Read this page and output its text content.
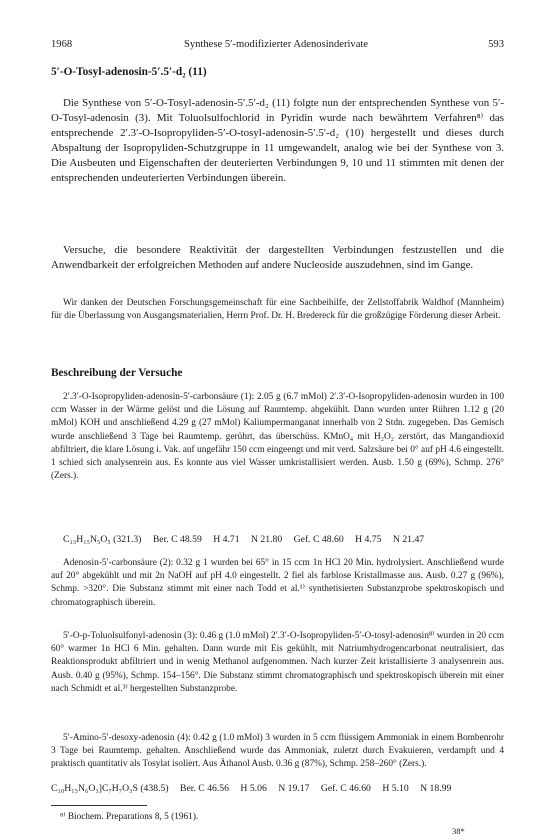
1968	Synthese 5′-modifizierter Adenosinderivate	593
5′-O-Tosyl-adenosin-5′.5′-d₂ (11)
Die Synthese von 5′-O-Tosyl-adenosin-5′.5′-d₂ (11) folgte nun der entsprechenden Synthese von 5′-O-Tosyl-adenosin (3). Mit Toluolsulfochlorid in Pyridin wurde nach bewährtem Verfahren⁸⁾ das entsprechende 2′.3′-O-Isopropyliden-5′-O-tosyl-adenosin-5′.5′-d₂ (10) hergestellt und dieses durch Abspaltung der Isopropyliden-Schutzgruppe in 11 umgewandelt, analog wie bei der Synthese von 3. Die Ausbeuten und Eigenschaften der deuterierten Verbindungen 9, 10 und 11 stimmten mit denen der entsprechenden undeuterierten Verbindungen überein.
Versuche, die besondere Reaktivität der dargestellten Verbindungen festzustellen und die Anwendbarkeit der erfolgreichen Methoden auf andere Nucleoside auszudehnen, sind im Gange.
Wir danken der Deutschen Forschungsgemeinschaft für eine Sachbeihilfe, der Zellstoffabrik Waldhof (Mannheim) für die Überlassung von Ausgangsmaterialien, Herrn Prof. Dr. H. Bredereck für die großzügige Förderung dieser Arbeit.
Beschreibung der Versuche
2′.3′-O-Isopropyliden-adenosin-5′-carbonsäure (1): 2.05 g (6.7 mMol) 2′.3′-O-Isopropyliden-adenosin wurden in 100 ccm Wasser in der Wärme gelöst und die Lösung auf Raumtemp. abgekühlt. Dann wurden unter Rühren 1.12 g (20 mMol) KOH und anschließend 4.29 g (27 mMol) Kaliumpermanganat innerhalb von 2 Stdn. zugegeben. Das Gemisch wurde anschließend 3 Tage bei Raumtemp. gerührt, das überschüss. KMnO₄ mit H₂O₂ zerstört, das Mangandioxid abfiltriert, die klare Lösung i. Vak. auf ungefähr 150 ccm eingeengt und mit verd. Salzsäure bei 0° auf pH 4.6 eingestellt. 1 schied sich analysenrein aus. Es konnte aus viel Wasser umkristallisiert werden. Ausb. 1.50 g (69%), Schmp. 276° (Zers.).
C₁₃H₁₅N₅O₅ (321.3) Ber. C 48.59 H 4.71 N 21.80 Gef. C 48.60 H 4.75 N 21.47
Adenosin-5′-carbonsäure (2): 0.32 g 1 wurden bei 65° in 15 ccm 1n HCl 20 Min. hydrolysiert. Anschließend wurde auf 20° abgekühlt und mit 2n NaOH auf pH 4.0 eingestellt. 2 fiel als farblose Kristallmasse aus. Ausb. 0.27 g (96%), Schmp. >320°. Die Substanz stimmt mit einer nach Todd et al.¹⁾ synthetisierten Substanzprobe spektroskopisch und chromatographisch überein.
5′-O-p-Toluolsulfonyl-adenosin (3): 0.46 g (1.0 mMol) 2′.3′-O-Isopropyliden-5′-O-tosyl-adenosin⁸⁾ wurden in 20 ccm 60° warmer 1n HCl 6 Min. gehalten. Dann wurde mit Eis gekühlt, mit Natriumhydrogencarbonat neutralisiert, das Reaktionsprodukt abfiltriert und in wenig Methanol aufgenommen. Nach kurzer Zeit kristallisierte 3 analysenrein aus. Ausb. 0.40 g (95%), Schmp. 154–156°. Die Substanz stimmt chromatographisch und spektroskopisch überein mit einer nach Schmidt et al.³⁾ hergestellten Substanzprobe.
5′-Amino-5′-desoxy-adenosin (4): 0.42 g (1.0 mMol) 3 wurden in 5 ccm flüssigem Ammoniak in einem Bombenrohr 3 Tage bei Raumtemp. gehalten. Anschließend wurde das Ammoniak, zuletzt durch Evakuieren, verdampft und 4 praktisch quantitativ als Tosylat isoliert. Aus Äthanol Ausb. 0.36 g (87%), Schmp. 258–260° (Zers.).
C₁₀H₁₅N₆O₃]C₇H₇O₃S (438.5) Ber. C 46.56 H 5.06 N 19.17 Gef. C 46.60 H 5.10 N 18.99
⁸⁾ Biochem. Preparations 8, 5 (1961).
38*
